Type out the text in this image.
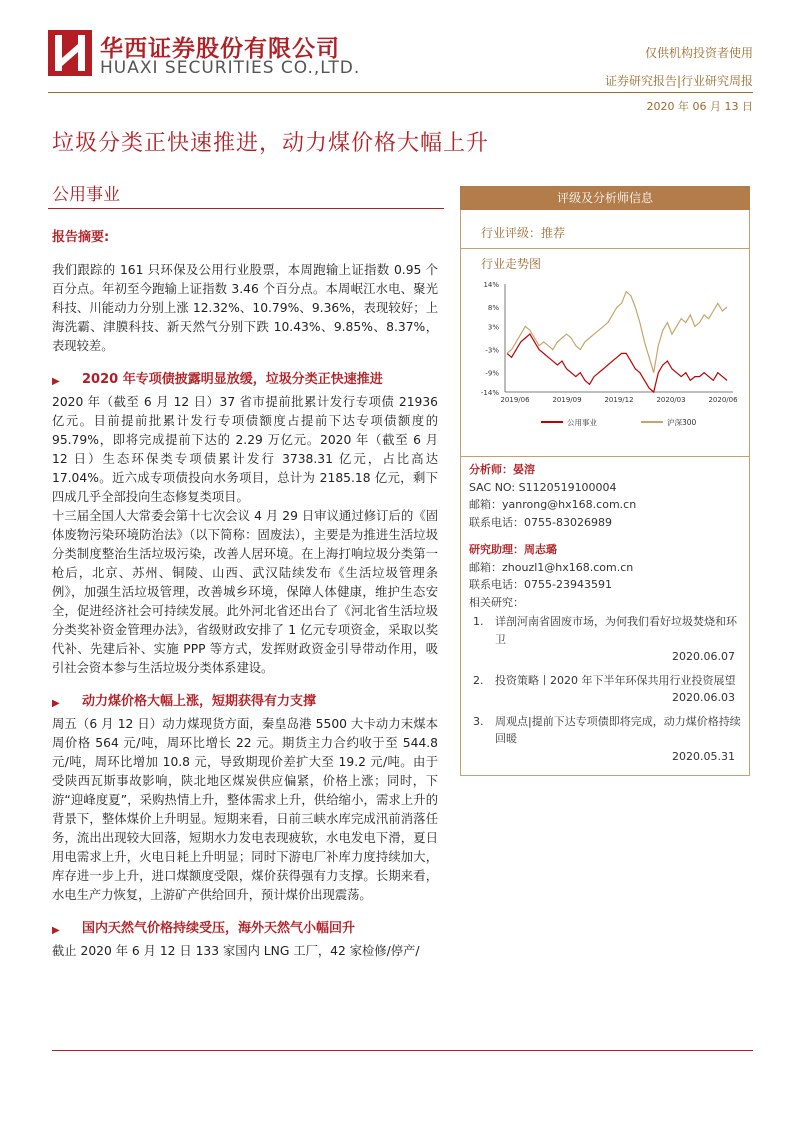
华西证券股份有限公司
HUAXI SECURITIES CO.,LTD.
仅供机构投资者使用
证券研究报告|行业研究周报
2020 年 06 月 13 日
垃圾分类正快速推进，动力煤价格大幅上升
公用事业

报告摘要:

我们跟踪的 161 只环保及公用行业股票，本周跑输上证指数 0.95 个百分点。年初至今跑输上证指数 3.46 个百分点。本周岷江水电、聚光科技、川能动力分别上涨 12.32%、10.79%、9.36%，表现较好；上海洗霸、津膜科技、新天然气分别下跌 10.43%、9.85%、8.37%，表现较差。

▶	2020 年专项债披露明显放缓，垃圾分类正快速推进

2020 年（截至 6 月 12 日）37 省市提前批累计发行专项债 21936 亿元。目前提前批累计发行专项债额度占提前下达专项债额度的 95.79%，即将完成提前下达的 2.29 万亿元。2020 年（截至 6 月 12 日）生态环保类专项债累计发行 3738.31 亿元，占比高达 17.04%。近六成专项债投向水务项目，总计为 2185.18 亿元，剩下四成几乎全部投向生态修复类项目。

十三届全国人大常委会第十七次会议 4 月 29 日审议通过修订后的《固体废物污染环境防治法》（以下简称：固废法），主要是为推进生活垃圾分类制度整治生活垃圾污染，改善人居环境。在上海打响垃圾分类第一枪后，北京、苏州、铜陵、山西、武汉陆续发布《生活垃圾管理条例》，加强生活垃圾管理，改善城乡环境，保障人体健康，维护生态安全，促进经济社会可持续发展。此外河北省还出台了《河北省生活垃圾分类奖补资金管理办法》，省级财政安排了 1 亿元专项资金，采取以奖代补、先建后补、实施 PPP 等方式，发挥财政资金引导带动作用，吸引社会资本参与生活垃圾分类体系建设。

▶	动力煤价格大幅上涨，短期获得有力支撑

周五（6 月 12 日）动力煤现货方面，秦皇岛港 5500 大卡动力末煤本周价格 564 元/吨，周环比增长 22 元。期货主力合约收于至 544.8 元/吨，周环比增加 10.8 元，导致期现价差扩大至 19.2 元/吨。由于受陕西瓦斯事故影响，陕北地区煤炭供应偏紧，价格上涨；同时，下游“迎峰度夏”，采购热情上升，整体需求上升，供给缩小，需求上升的背景下，整体煤价上升明显。短期来看，日前三峡水库完成汛前消落任务，流出出现较大回落，短期水力发电表现疲软，水电发电下滑，夏日用电需求上升，火电日耗上升明显；同时下游电厂补库力度持续加大，库存进一步上升，进口煤额度受限，煤价获得强有力支撑。长期来看，水电生产力恢复，上游矿产供给回升，预计煤价出现震荡。

▶	国内天然气价格持续受压，海外天然气小幅回升

截止 2020 年 6 月 12 日 133 家国内 LNG 工厂，42 家检修/停产/

评级及分析师信息
行业评级：推荐
行业走势图
14%
8%
3%
-3%
-9%
-14%
2019/06	2019/09	2019/12	2020/03	2020/06
公用事业	沪深300
分析师：晏溶
SAC NO: S1120519100004
邮箱：yanrong@hx168.com.cn
联系电话：0755-83026989
研究助理：周志璐
邮箱：zhouzl1@hx168.com.cn
联系电话：0755-23943591
相关研究：
1.	详剖河南省固废市场，为何我们看好垃圾焚烧和环卫
2020.06.07
2.	投资策略丨2020 年下半年环保共用行业投资展望
2020.06.03
3.	周观点|提前下达专项债即将完成，动力煤价格持续回暖
2020.05.31
